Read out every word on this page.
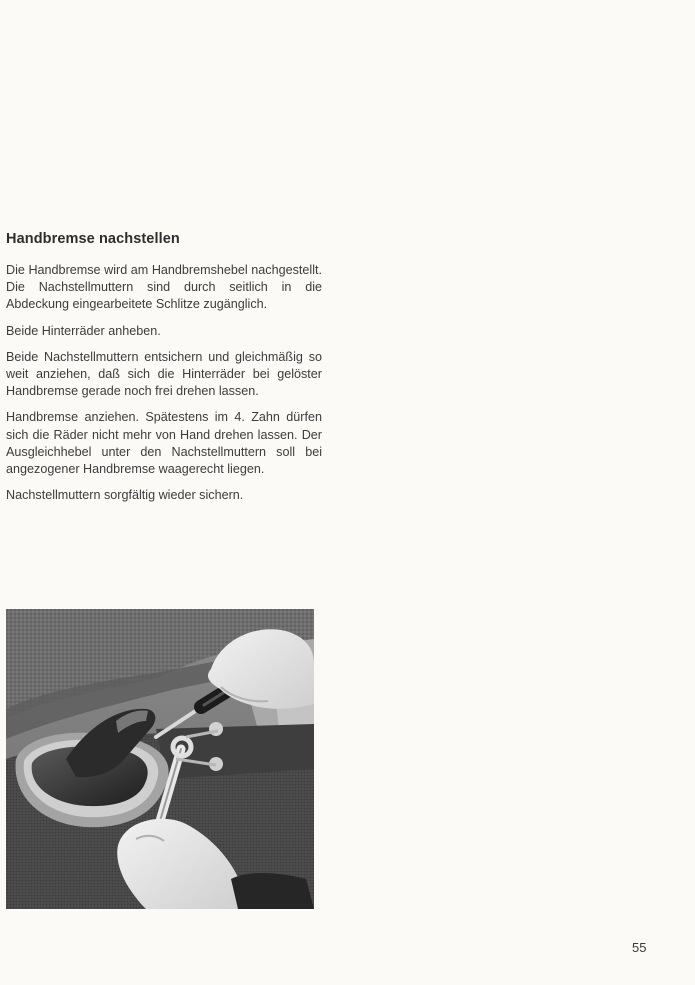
Handbremse nachstellen

Die Handbremse wird am Handbremshebel nachgestellt. Die Nachstellmuttern sind durch seitlich in die Abdeckung eingearbeitete Schlitze zugänglich.

Beide Hinterräder anheben.

Beide Nachstellmuttern entsichern und gleichmäßig so weit anziehen, daß sich die Hinterräder bei gelöster Handbremse gerade noch frei drehen lassen.

Handbremse anziehen. Spätestens im 4. Zahn dürfen sich die Räder nicht mehr von Hand drehen lassen. Der Ausgleichhebel unter den Nachstellmuttern soll bei angezogener Handbremse waagerecht liegen.

Nachstellmuttern sorgfältig wieder sichern.

55
